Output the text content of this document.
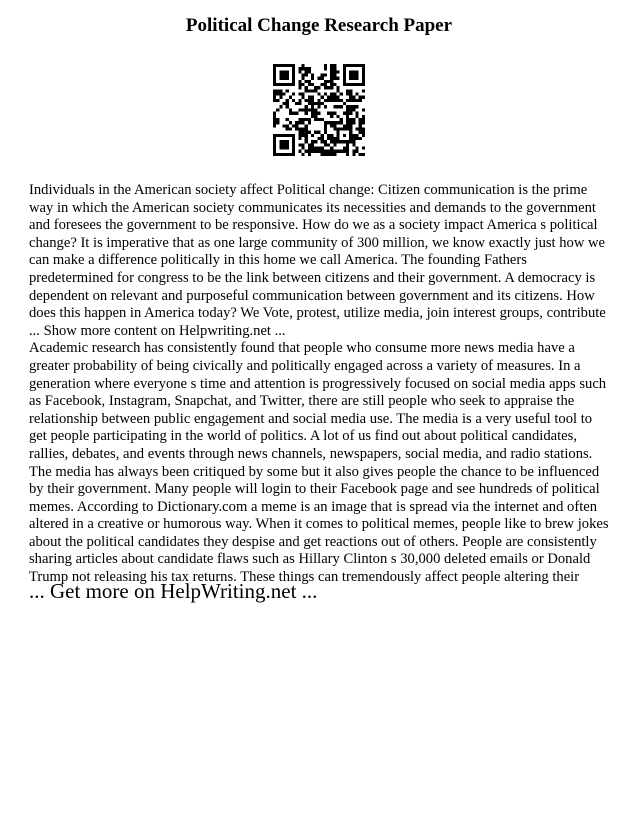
Political Change Research Paper

Individuals in the American society affect Political change: Citizen communication is the prime way in which the American society communicates its necessities and demands to the government and foresees the government to be responsive. How do we as a society impact America s political change? It is imperative that as one large community of 300 million, we know exactly just how we can make a difference politically in this home we call America. The founding Fathers predetermined for congress to be the link between citizens and their government. A democracy is dependent on relevant and purposeful communication between government and its citizens. How does this happen in America today? We Vote, protest, utilize media, join interest groups, contribute ... Show more content on Helpwriting.net ...

Academic research has consistently found that people who consume more news media have a greater probability of being civically and politically engaged across a variety of measures. In a generation where everyone s time and attention is progressively focused on social media apps such as Facebook, Instagram, Snapchat, and Twitter, there are still people who seek to appraise the relationship between public engagement and social media use. The media is a very useful tool to get people participating in the world of politics. A lot of us find out about political candidates, rallies, debates, and events through news channels, newspapers, social media, and radio stations. The media has always been critiqued by some but it also gives people the chance to be influenced by their government. Many people will login to their Facebook page and see hundreds of political memes. According to Dictionary.com a meme is an image that is spread via the internet and often altered in a creative or humorous way. When it comes to political memes, people like to brew jokes about the political candidates they despise and get reactions out of others. People are consistently sharing articles about candidate flaws such as Hillary Clinton s 30,000 deleted emails or Donald Trump not releasing his tax returns. These things can tremendously affect people altering their

... Get more on HelpWriting.net ...
